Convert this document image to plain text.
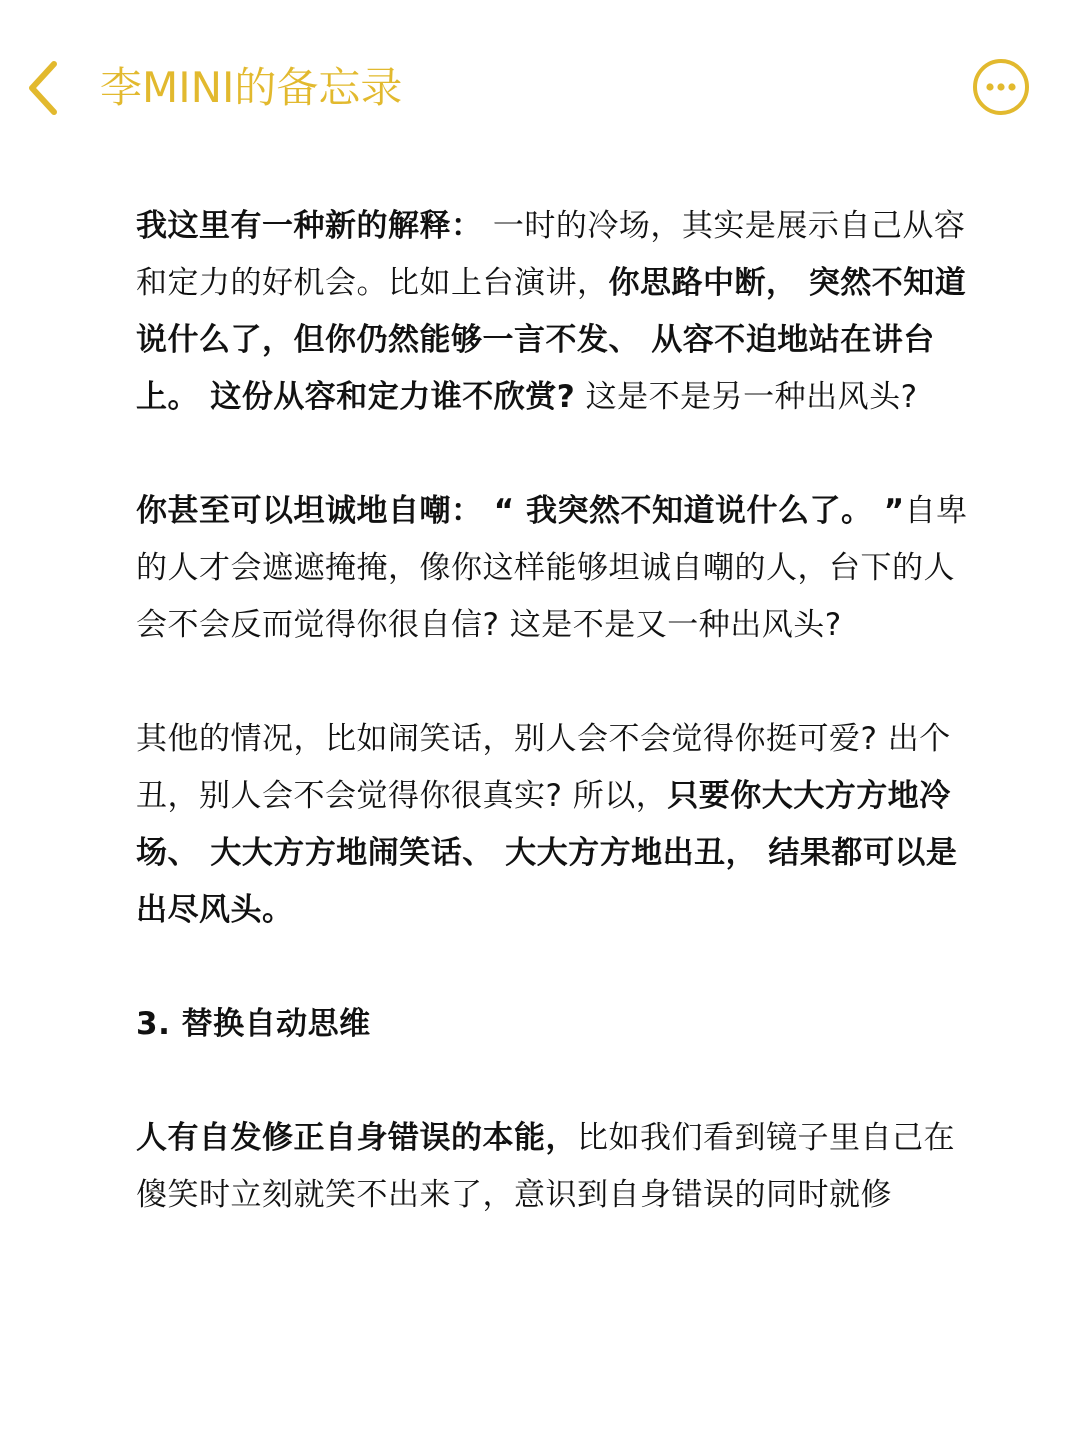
李MINI的备忘录

我这里有一种新的解释： 一时的冷场，其实是展示自己从容和定力的好机会。比如上台演讲，你思路中断， 突然不知道说什么了，但你仍然能够一言不发、 从容不迫地站在讲台上。 这份从容和定力谁不欣赏? 这是不是另一种出风头?

你甚至可以坦诚地自嘲： “ 我突然不知道说什么了。 ”自卑的人才会遮遮掩掩，像你这样能够坦诚自嘲的人，台下的人会不会反而觉得你很自信? 这是不是又一种出风头?

其他的情况，比如闹笑话，别人会不会觉得你挺可爱? 出个丑，别人会不会觉得你很真实? 所以，只要你大大方方地冷场、 大大方方地闹笑话、 大大方方地出丑， 结果都可以是出尽风头。

3. 替换自动思维

人有自发修正自身错误的本能，比如我们看到镜子里自己在傻笑时立刻就笑不出来了，意识到自身错误的同时就修
